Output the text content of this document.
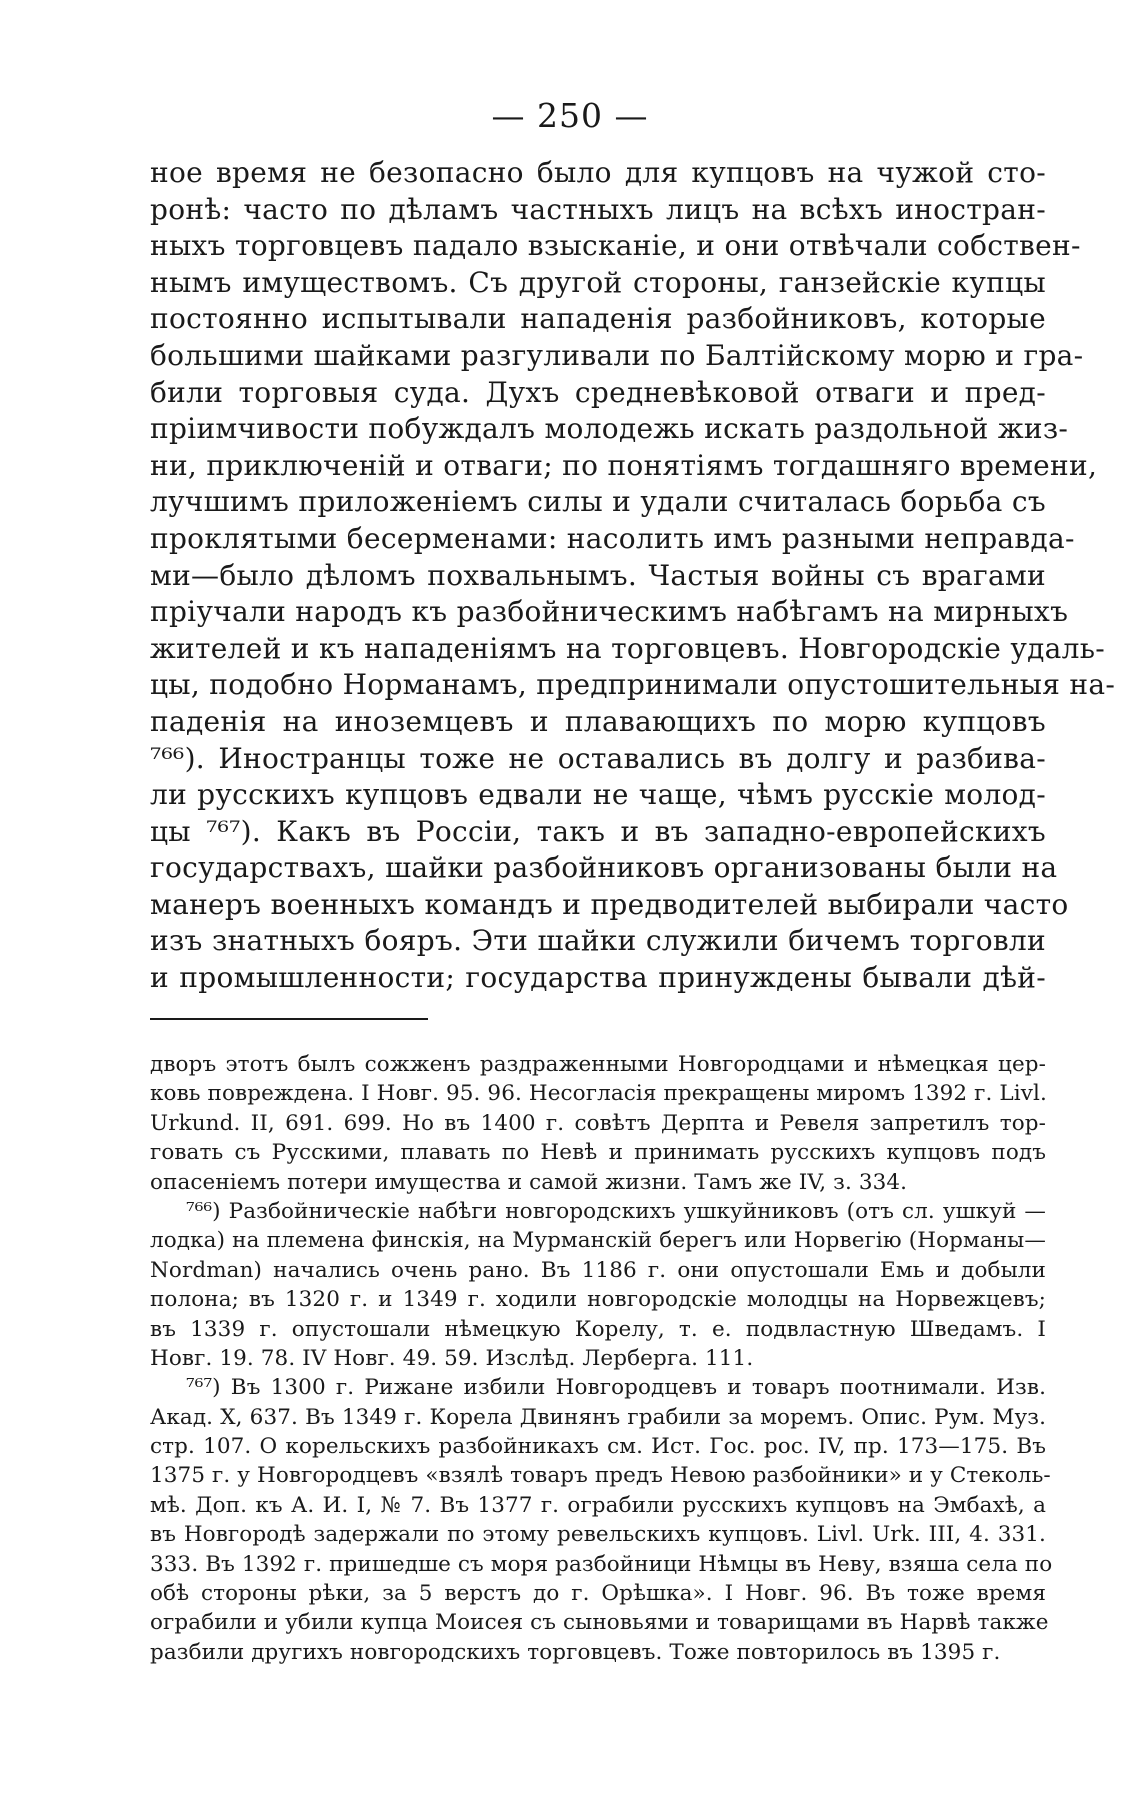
— 250 —
ное время не безопасно было для купцовъ на чужой сто-
ронѣ: часто по дѣламъ частныхъ лицъ на всѣхъ иностран-
ныхъ торговцевъ падало взысканіе, и они отвѣчали собствен-
нымъ имуществомъ. Съ другой стороны, ганзейскіе купцы
постоянно испытывали нападенія разбойниковъ, которые
большими шайками разгуливали по Балтійскому морю и гра-
били торговыя суда. Духъ средневѣковой отваги и пред-
пріимчивости побуждалъ молодежь искать раздольной жиз-
ни, приключеній и отваги; по понятіямъ тогдашняго времени,
лучшимъ приложеніемъ силы и удали считалась борьба съ
проклятыми бесерменами: насолить имъ разными неправда-
ми—было дѣломъ похвальнымъ. Частыя войны съ врагами
пріучали народъ къ разбойническимъ набѣгамъ на мирныхъ
жителей и къ нападеніямъ на торговцевъ. Новгородскіе удаль-
цы, подобно Норманамъ, предпринимали опустошительныя на-
паденія на иноземцевъ и плавающихъ по морю купцовъ
⁷⁶⁶). Иностранцы тоже не оставались въ долгу и разбива-
ли русскихъ купцовъ едвали не чаще, чѣмъ русскіе молод-
цы ⁷⁶⁷). Какъ въ Россіи, такъ и въ западно-европейскихъ
государствахъ, шайки разбойниковъ организованы были на
манеръ военныхъ командъ и предводителей выбирали часто
изъ знатныхъ бояръ. Эти шайки служили бичемъ торговли
и промышленности; государства принуждены бывали дѣй-
дворъ этотъ былъ сожженъ раздраженными Новгородцами и нѣмецкая цер-
ковь повреждена. I Новг. 95. 96. Несогласія прекращены миромъ 1392 г. Livl.
Urkund. II, 691. 699. Но въ 1400 г. совѣтъ Дерпта и Ревеля запретилъ тор-
говать съ Русскими, плавать по Невѣ и принимать русскихъ купцовъ подъ
опасеніемъ потери имущества и самой жизни. Тамъ же IV, з. 334.
⁷⁶⁶) Разбойническіе набѣги новгородскихъ ушкуйниковъ (отъ сл. ушкуй —
лодка) на племена финскія, на Мурманскій берегъ или Норвегію (Норманы—
Nordman) начались очень рано. Въ 1186 г. они опустошали Емь и добыли
полона; въ 1320 г. и 1349 г. ходили новгородскіе молодцы на Норвежцевъ;
въ 1339 г. опустошали нѣмецкую Корелу, т. е. подвластную Шведамъ. I
Новг. 19. 78. IV Новг. 49. 59. Изслѣд. Лерберга. 111.
⁷⁶⁷) Въ 1300 г. Рижане избили Новгородцевъ и товаръ поотнимали. Изв.
Акад. X, 637. Въ 1349 г. Корела Двинянъ грабили за моремъ. Опис. Рум. Муз.
стр. 107. О корельскихъ разбойникахъ см. Ист. Гос. рос. IV, пр. 173—175. Въ
1375 г. у Новгородцевъ «взялѣ товаръ предъ Невою разбойники» и у Стеколь-
мѣ. Доп. къ А. И. I, № 7. Въ 1377 г. ограбили русскихъ купцовъ на Эмбахѣ, а
въ Новгородѣ задержали по этому ревельскихъ купцовъ. Livl. Urk. III, 4. 331.
333. Въ 1392 г. пришедше съ моря разбойници Нѣмцы въ Неву, взяша села по
обѣ стороны рѣки, за 5 верстъ до г. Орѣшка». I Новг. 96. Въ тоже время
ограбили и убили купца Моисея съ сыновьями и товарищами въ Нарвѣ также
разбили другихъ новгородскихъ торговцевъ. Тоже повторилось въ 1395 г.
